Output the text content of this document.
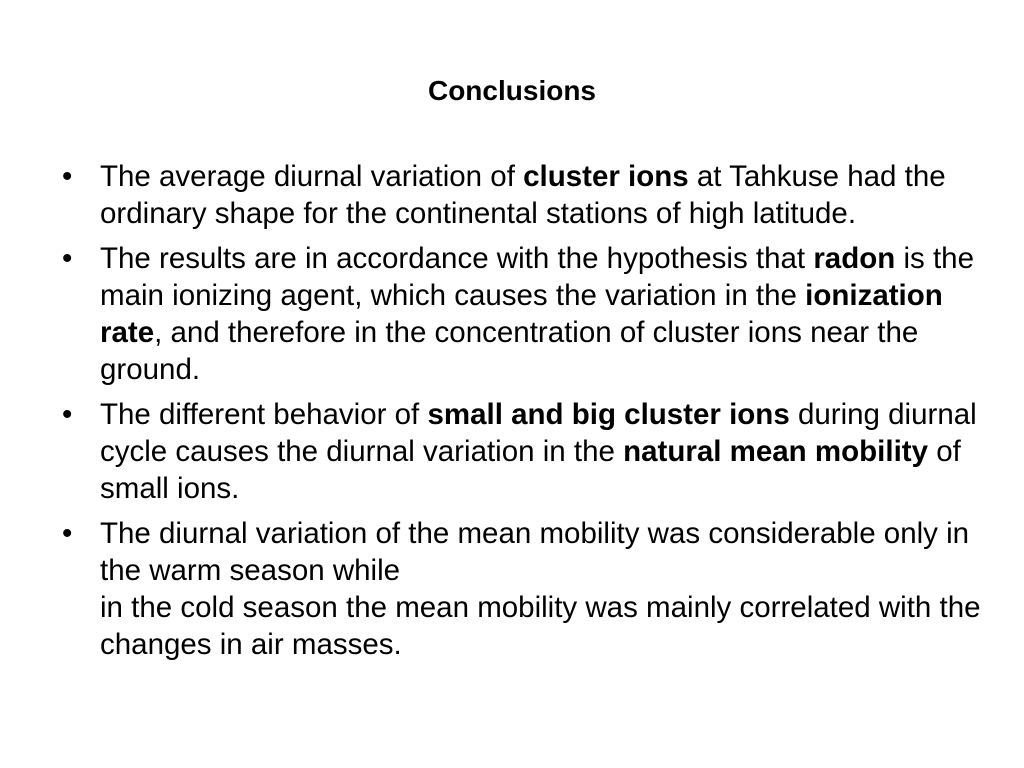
Conclusions
• The average diurnal variation of cluster ions at Tahkuse had the ordinary shape for the continental stations of high latitude.

• The results are in accordance with the hypothesis that radon is the main ionizing agent, which causes the variation in the ionization rate, and therefore in the concentration of cluster ions near the ground.

• The different behavior of small and big cluster ions during diurnal cycle causes the diurnal variation in the natural mean mobility of small ions.

• The diurnal variation of the mean mobility was considerable only in the warm season while
in the cold season the mean mobility was mainly correlated with the changes in air masses.
